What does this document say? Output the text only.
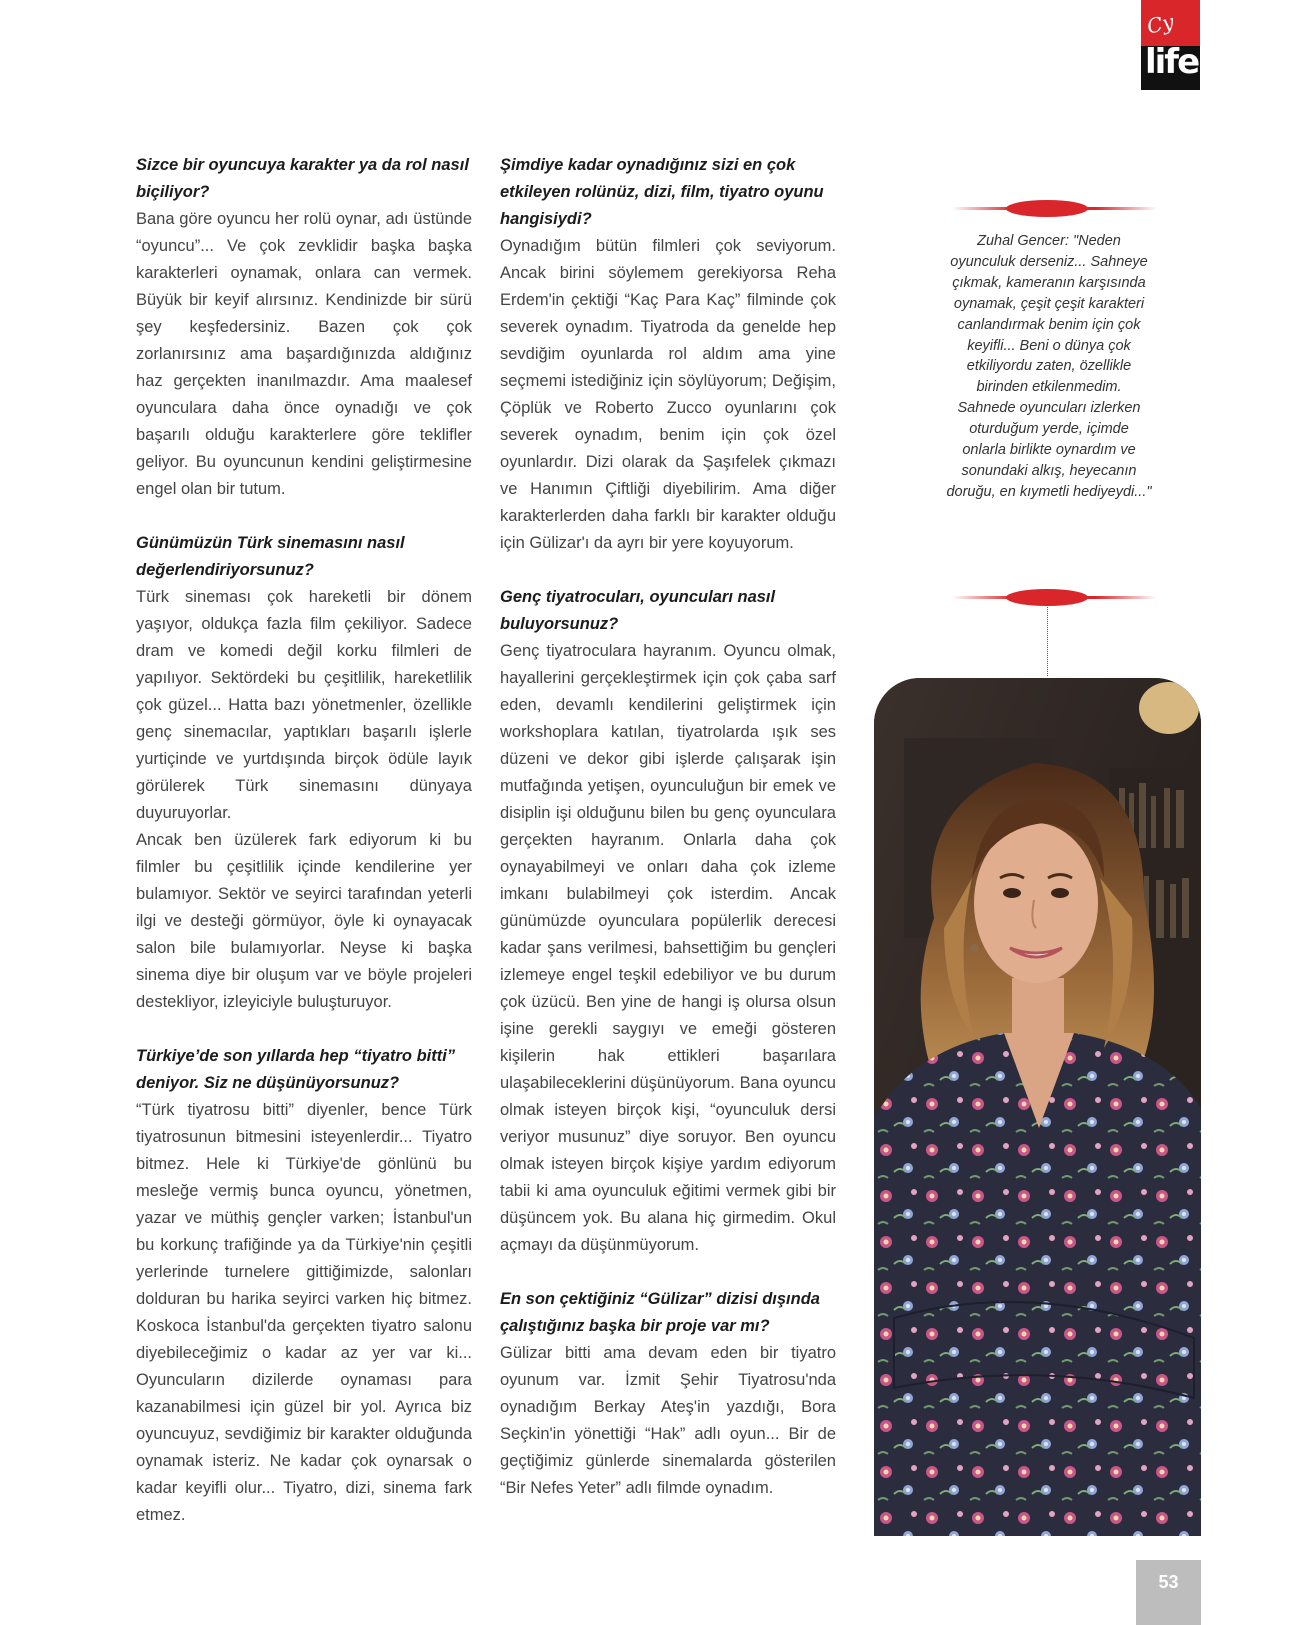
Cy
life

Sizce bir oyuncuya karakter ya da rol nasıl biçiliyor?

Bana göre oyuncu her rolü oynar, adı üstünde “oyuncu”... Ve çok zevklidir başka başka karakterleri oynamak, onlara can vermek. Büyük bir keyif alırsınız. Kendinizde bir sürü şey keşfedersiniz. Bazen çok çok zorlanırsınız ama başardığınızda aldığınız haz gerçekten inanılmazdır. Ama maalesef oyunculara daha önce oynadığı ve çok başarılı olduğu karakterlere göre teklifler geliyor. Bu oyuncunun kendini geliştirmesine engel olan bir tutum.

Günümüzün Türk sinemasını nasıl değerlendiriyorsunuz?

Türk sineması çok hareketli bir dönem yaşıyor, oldukça fazla film çekiliyor. Sadece dram ve komedi değil korku filmleri de yapılıyor. Sektördeki bu çeşitlilik, hareketlilik çok güzel... Hatta bazı yönetmenler, özellikle genç sinemacılar, yaptıkları başarılı işlerle yurtiçinde ve yurtdışında birçok ödüle layık görülerek Türk sinemasını dünyaya duyuruyorlar.

Ancak ben üzülerek fark ediyorum ki bu filmler bu çeşitlilik içinde kendilerine yer bulamıyor. Sektör ve seyirci tarafından yeterli ilgi ve desteği görmüyor, öyle ki oynayacak salon bile bulamıyorlar. Neyse ki başka sinema diye bir oluşum var ve böyle projeleri destekliyor, izleyiciyle buluşturuyor.

Türkiye’de son yıllarda hep “tiyatro bitti” deniyor. Siz ne düşünüyorsunuz?

“Türk tiyatrosu bitti” diyenler, bence Türk tiyatrosunun bitmesini isteyenlerdir... Tiyatro bitmez. Hele ki Türkiye'de gönlünü bu mesleğe vermiş bunca oyuncu, yönetmen, yazar ve müthiş gençler varken; İstanbul'un bu korkunç trafiğinde ya da Türkiye'nin çeşitli yerlerinde turnelere gittiğimizde, salonları dolduran bu harika seyirci varken hiç bitmez. Koskoca İstanbul'da gerçekten tiyatro salonu diyebileceğimiz o kadar az yer var ki... Oyuncuların dizilerde oynaması para kazanabilmesi için güzel bir yol. Ayrıca biz oyuncuyuz, sevdiğimiz bir karakter olduğunda oynamak isteriz. Ne kadar çok oynarsak o kadar keyifli olur... Tiyatro, dizi, sinema fark etmez.

Şimdiye kadar oynadığınız sizi en çok etkileyen rolünüz, dizi, film, tiyatro oyunu hangisiydi?

Oynadığım bütün filmleri çok seviyorum. Ancak birini söylemem gerekiyorsa Reha Erdem'in çektiği “Kaç Para Kaç” filminde çok severek oynadım. Tiyatroda da genelde hep sevdiğim oyunlarda rol aldım ama yine seçmemi istediğiniz için söylüyorum; Değişim, Çöplük ve Roberto Zucco oyunlarını çok severek oynadım, benim için çok özel oyunlardır. Dizi olarak da Şaşıfelek çıkmazı ve Hanımın Çiftliği diyebilirim. Ama diğer karakterlerden daha farklı bir karakter olduğu için Gülizar'ı da ayrı bir yere koyuyorum.

Genç tiyatrocuları, oyuncuları nasıl buluyorsunuz?

Genç tiyatrocularа hayranım. Oyuncu olmak, hayallerini gerçekleştirmek için çok çaba sarf eden, devamlı kendilerini geliştirmek için workshoplara katılan, tiyatrolarda ışık ses düzeni ve dekor gibi işlerde çalışarak işin mutfağında yetişen, oyunculuğun bir emek ve disiplin işi olduğunu bilen bu genç oyunculara gerçekten hayranım. Onlarla daha çok oynayabilmeyi ve onları daha çok izleme imkanı bulabilmeyi çok isterdim. Ancak günümüzde oyunculara popülerlik derecesi kadar şans verilmesi, bahsettiğim bu gençleri izlemeye engel teşkil edebiliyor ve bu durum çok üzücü. Ben yine de hangi iş olursa olsun işine gerekli saygıyı ve emeği gösteren kişilerin hak ettikleri başarılara ulaşabileceklerini düşünüyorum. Bana oyuncu olmak isteyen birçok kişi, “oyunculuk dersi veriyor musunuz” diye soruyor. Ben oyuncu olmak isteyen birçok kişiye yardım ediyorum tabii ki ama oyunculuk eğitimi vermek gibi bir düşüncem yok. Bu alana hiç girmedim. Okul açmayı da düşünmüyorum.

En son çektiğiniz “Gülizar” dizisi dışında çalıştığınız başka bir proje var mı?

Gülizar bitti ama devam eden bir tiyatro oyunum var. İzmit Şehir Tiyatrosu'nda oynadığım Berkay Ateş'in yazdığı, Bora Seçkin'in yönettiği “Hak” adlı oyun... Bir de geçtiğimiz günlerde sinemalarda gösterilen “Bir Nefes Yeter” adlı filmde oynadım.

Zuhal Gencer: "Neden oyunculuk derseniz... Sahneye çıkmak, kameranın karşısında oynamak, çeşit çeşit karakteri canlandırmak benim için çok keyifli... Beni o dünya çok etkiliyordu zaten, özellikle birinden etkilenmedim. Sahnede oyuncuları izlerken oturduğum yerde, içimde onlarla birlikte oynardım ve sonundaki alkış, heyecanın doruğu, en kıymetli hediyeydi..."
53
